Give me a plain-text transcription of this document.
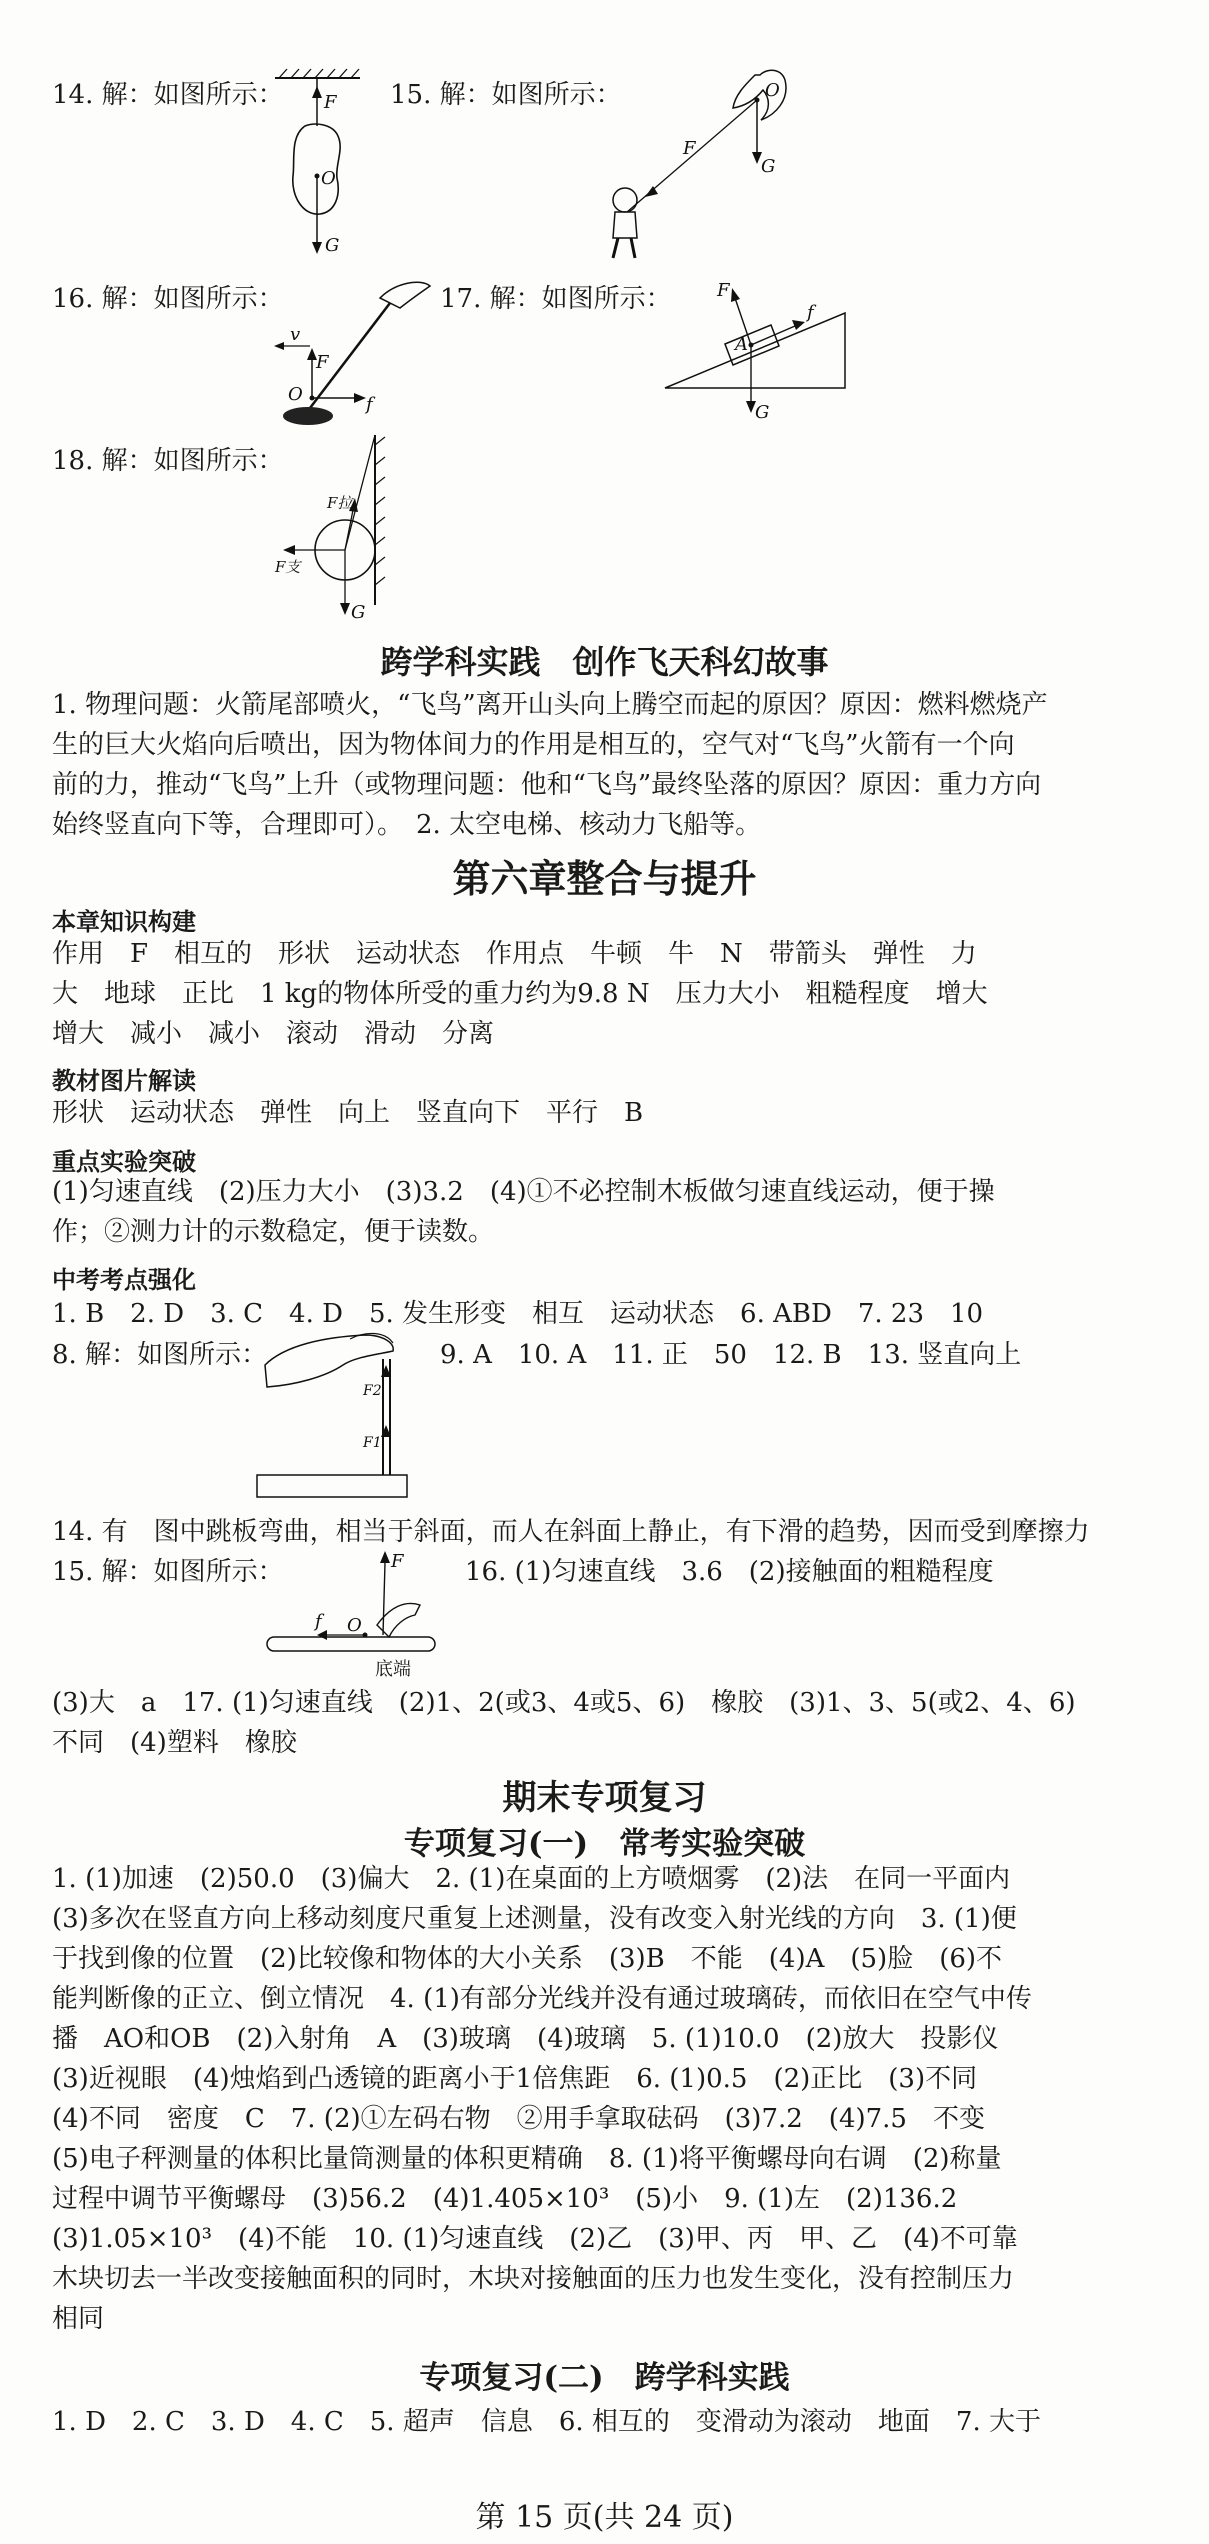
14. 解：如图所示： F
O
G
15. 解：如图所示：	O
F
G
16. 解：如图所示：
v
F
O	f
17. 解：如图所示：	F
f
A
G
18. 解：如图所示：
F拉
F支
G
跨学科实践　创作飞天科幻故事
1. 物理问题：火箭尾部喷火，“飞鸟”离开山头向上腾空而起的原因？原因：燃料燃烧产
生的巨大火焰向后喷出，因为物体间力的作用是相互的，空气对“飞鸟”火箭有一个向
前的力，推动“飞鸟”上升（或物理问题：他和“飞鸟”最终坠落的原因？原因：重力方向
始终竖直向下等，合理即可）。　2. 太空电梯、核动力飞船等。
第六章整合与提升
本章知识构建
作用　F　相互的　形状　运动状态　作用点　牛顿　牛　N　带箭头　弹性　力
大　地球　正比　1 kg的物体所受的重力约为9.8 N　压力大小　粗糙程度　增大
增大　减小　减小　滚动　滑动　分离
教材图片解读
形状　运动状态　弹性　向上　竖直向下　平行　B
重点实验突破
(1)匀速直线　(2)压力大小　(3)3.2　(4)①不必控制木板做匀速直线运动，便于操
作；②测力计的示数稳定，便于读数。
中考考点强化
1. B　2. D　3. C　4. D　5. 发生形变　相互　运动状态　6. ABD　7. 23　10
8. 解：如图所示：
F2
F1
9. A　10. A　11. 正　50　12. B　13. 竖直向上
14. 有　图中跳板弯曲，相当于斜面，而人在斜面上静止，有下滑的趋势，因而受到摩擦力
15. 解：如图所示：	F
f O
底端
16. (1)匀速直线　3.6　(2)接触面的粗糙程度
(3)大　a　17. (1)匀速直线　(2)1、2(或3、4或5、6)　橡胶　(3)1、3、5(或2、4、6)
不同　(4)塑料　橡胶
期末专项复习
专项复习(一)　常考实验突破
1. (1)加速　(2)50.0　(3)偏大　2. (1)在桌面的上方喷烟雾　(2)法　在同一平面内
(3)多次在竖直方向上移动刻度尺重复上述测量，没有改变入射光线的方向　3. (1)便
于找到像的位置　(2)比较像和物体的大小关系　(3)B　不能　(4)A　(5)脸　(6)不
能判断像的正立、倒立情况　4. (1)有部分光线并没有通过玻璃砖，而依旧在空气中传
播　AO和OB　(2)入射角　A　(3)玻璃　(4)玻璃　5. (1)10.0　(2)放大　投影仪
(3)近视眼　(4)烛焰到凸透镜的距离小于1倍焦距　6. (1)0.5　(2)正比　(3)不同
(4)不同　密度　C　7. (2)①左码右物　②用手拿取砝码　(3)7.2　(4)7.5　不变
(5)电子秤测量的体积比量筒测量的体积更精确　8. (1)将平衡螺母向右调　(2)称量
过程中调节平衡螺母　(3)56.2　(4)1.405×10³　(5)小　9. (1)左　(2)136.2
(3)1.05×10³　(4)不能　10. (1)匀速直线　(2)乙　(3)甲、丙　甲、乙　(4)不可靠
木块切去一半改变接触面积的同时，木块对接触面的压力也发生变化，没有控制压力
相同
专项复习(二)　跨学科实践
1. D　2. C　3. D　4. C　5. 超声　信息　6. 相互的　变滑动为滚动　地面　7. 大于
第 15 页(共 24 页)
